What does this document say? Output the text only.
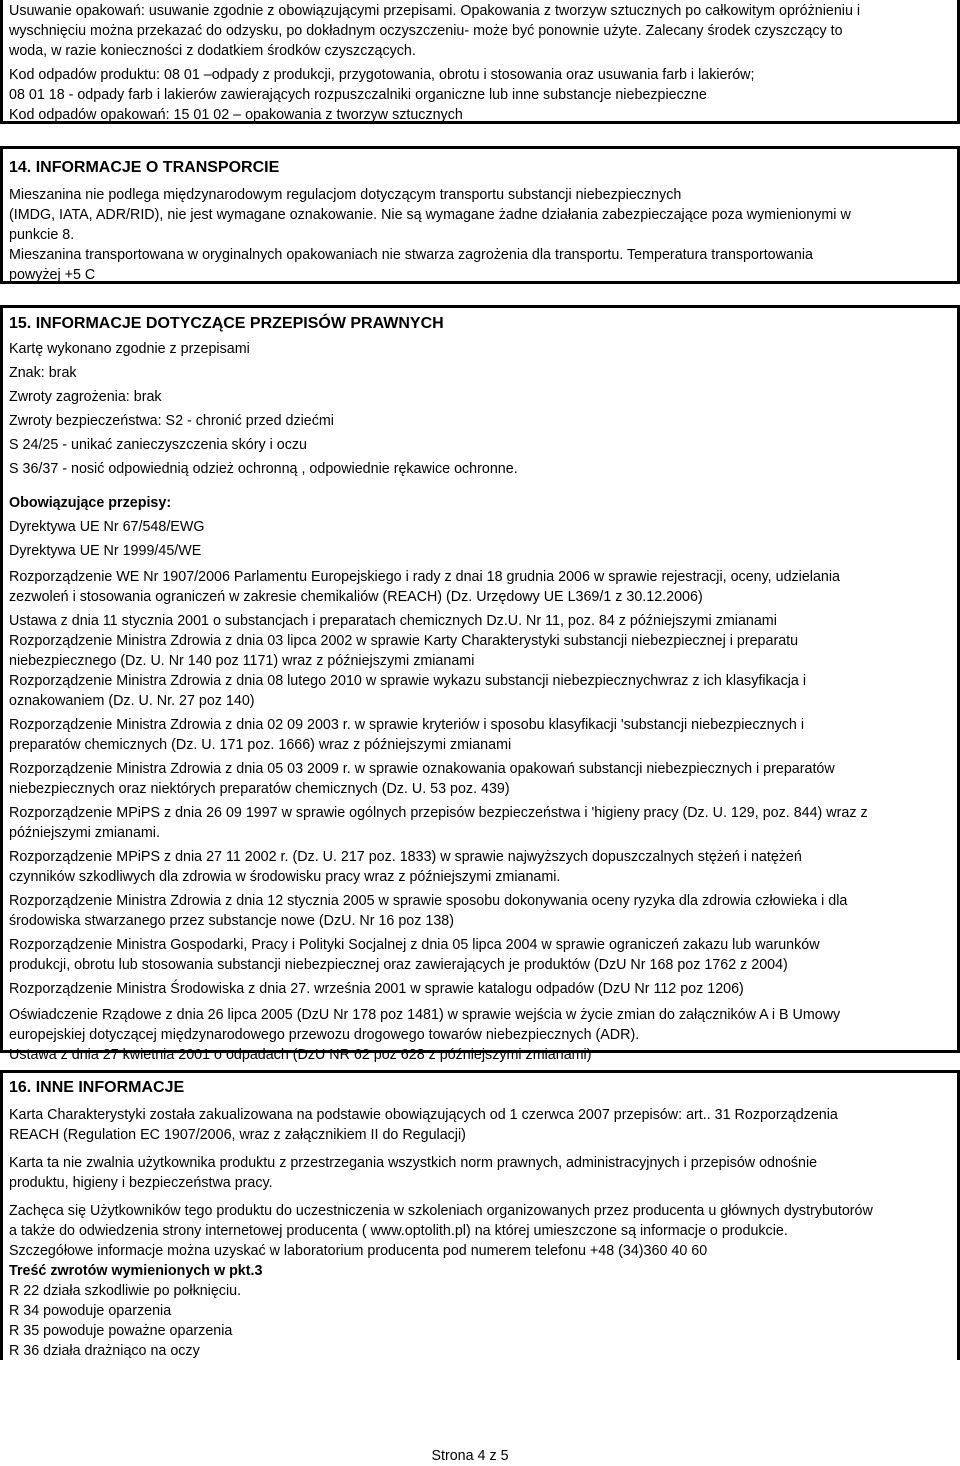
Usuwanie opakowań: usuwanie zgodnie z obowiązującymi przepisami. Opakowania z tworzyw sztucznych po całkowitym opróżnieniu i

wyschnięciu można przekazać do odzysku, po dokładnym oczyszczeniu- może być ponownie użyte. Zalecany środek czyszczący to

woda, w razie konieczności z dodatkiem środków czyszczących.

Kod odpadów produktu: 08 01 –odpady z produkcji, przygotowania, obrotu i stosowania oraz usuwania farb i lakierów;

08 01 18 - odpady farb i lakierów zawierających rozpuszczalniki organiczne lub inne substancje niebezpieczne

Kod odpadów opakowań: 15 01 02 – opakowania z tworzyw sztucznych

14. INFORMACJE O TRANSPORCIE

Mieszanina nie podlega międzynarodowym regulacjom dotyczącym transportu substancji niebezpiecznych

(IMDG, IATA, ADR/RID), nie jest wymagane oznakowanie. Nie są wymagane żadne działania zabezpieczające poza wymienionymi w

punkcie 8.

Mieszanina transportowana w oryginalnych opakowaniach nie stwarza zagrożenia dla transportu. Temperatura transportowania

powyżej +5 C

15. INFORMACJE DOTYCZĄCE PRZEPISÓW PRAWNYCH

Kartę wykonano zgodnie z przepisami

Znak: brak

Zwroty zagrożenia: brak

Zwroty bezpieczeństwa: S2 - chronić przed dziećmi

S 24/25 - unikać zanieczyszczenia skóry i oczu

S 36/37 - nosić odpowiednią odzież ochronną , odpowiednie rękawice ochronne.

Obowiązujące przepisy:

Dyrektywa UE Nr 67/548/EWG

Dyrektywa UE Nr 1999/45/WE

Rozporządzenie WE Nr 1907/2006 Parlamentu Europejskiego i rady z dnai 18 grudnia 2006 w sprawie rejestracji, oceny, udzielania

zezwoleń i stosowania ograniczeń w zakresie chemikaliów (REACH) (Dz. Urzędowy UE L369/1 z 30.12.2006)

Ustawa z dnia 11 stycznia 2001 o substancjach i preparatach chemicznych Dz.U. Nr 11, poz. 84 z późniejszymi zmianami

Rozporządzenie Ministra Zdrowia z dnia 03 lipca 2002 w sprawie Karty Charakterystyki substancji niebezpiecznej i preparatu

niebezpiecznego (Dz. U. Nr 140 poz 1171) wraz z późniejszymi zmianami

Rozporządzenie Ministra Zdrowia z dnia 08 lutego 2010 w sprawie wykazu substancji niebezpiecznychwraz z ich klasyfikacja i

oznakowaniem (Dz. U. Nr. 27 poz 140)

Rozporządzenie Ministra Zdrowia z dnia 02 09 2003 r. w sprawie kryteriów i sposobu klasyfikacji 'substancji niebezpiecznych i

preparatów chemicznych (Dz. U. 171 poz. 1666) wraz z późniejszymi zmianami

Rozporządzenie Ministra Zdrowia z dnia 05 03 2009 r. w sprawie oznakowania opakowań substancji niebezpiecznych i preparatów

niebezpiecznych oraz niektórych preparatów chemicznych (Dz. U. 53 poz. 439)

Rozporządzenie MPiPS z dnia 26 09 1997 w sprawie ogólnych przepisów bezpieczeństwa i 'higieny pracy (Dz. U. 129, poz. 844) wraz z

późniejszymi zmianami.

Rozporządzenie MPiPS z dnia 27 11 2002 r. (Dz. U. 217 poz. 1833) w sprawie najwyższych dopuszczalnych stężeń i natężeń

czynników szkodliwych dla zdrowia w środowisku pracy wraz z późniejszymi zmianami.

Rozporządzenie Ministra Zdrowia z dnia 12 stycznia 2005 w sprawie sposobu dokonywania oceny ryzyka dla zdrowia człowieka i dla

środowiska stwarzanego przez substancje nowe (DzU. Nr 16 poz 138)

Rozporządzenie Ministra Gospodarki, Pracy i Polityki Socjalnej z dnia 05 lipca 2004 w sprawie ograniczeń zakazu lub warunków

produkcji, obrotu lub stosowania substancji niebezpiecznej oraz zawierających je produktów (DzU Nr 168 poz 1762 z 2004)

Rozporządzenie Ministra Środowiska z dnia 27. września 2001 w sprawie katalogu odpadów (DzU Nr 112 poz 1206)

Oświadczenie Rządowe z dnia 26 lipca 2005 (DzU Nr 178 poz 1481) w sprawie wejścia w życie zmian do załączników A i B Umowy

europejskiej dotyczącej międzynarodowego przewozu drogowego towarów niebezpiecznych (ADR).

Ustawa z dnia 27 kwietnia 2001 o odpadach (DzU NR 62 poz 628 z późniejszymi zmianami)

16. INNE INFORMACJE

Karta Charakterystyki została zakualizowana na podstawie obowiązujących od 1 czerwca 2007 przepisów: art.. 31 Rozporządzenia

REACH (Regulation EC 1907/2006, wraz z załącznikiem II do Regulacji)

Karta ta nie zwalnia użytkownika produktu z przestrzegania wszystkich norm prawnych, administracyjnych i przepisów odnośnie

produktu, higieny i bezpieczeństwa pracy.

Zachęca się Użytkowników tego produktu do uczestniczenia w szkoleniach organizowanych przez producenta u głównych dystrybutorów

a także do odwiedzenia strony internetowej producenta ( www.optolith.pl) na której umieszczone są informacje o produkcie.

Szczegółowe informacje można uzyskać w laboratorium producenta pod numerem telefonu +48 (34)360 40 60

Treść zwrotów wymienionych w pkt.3

R 22 działa szkodliwie po połknięciu.

R 34 powoduje oparzenia

R 35 powoduje poważne oparzenia

R 36 działa drażniąco na oczy

Strona 4 z 5
